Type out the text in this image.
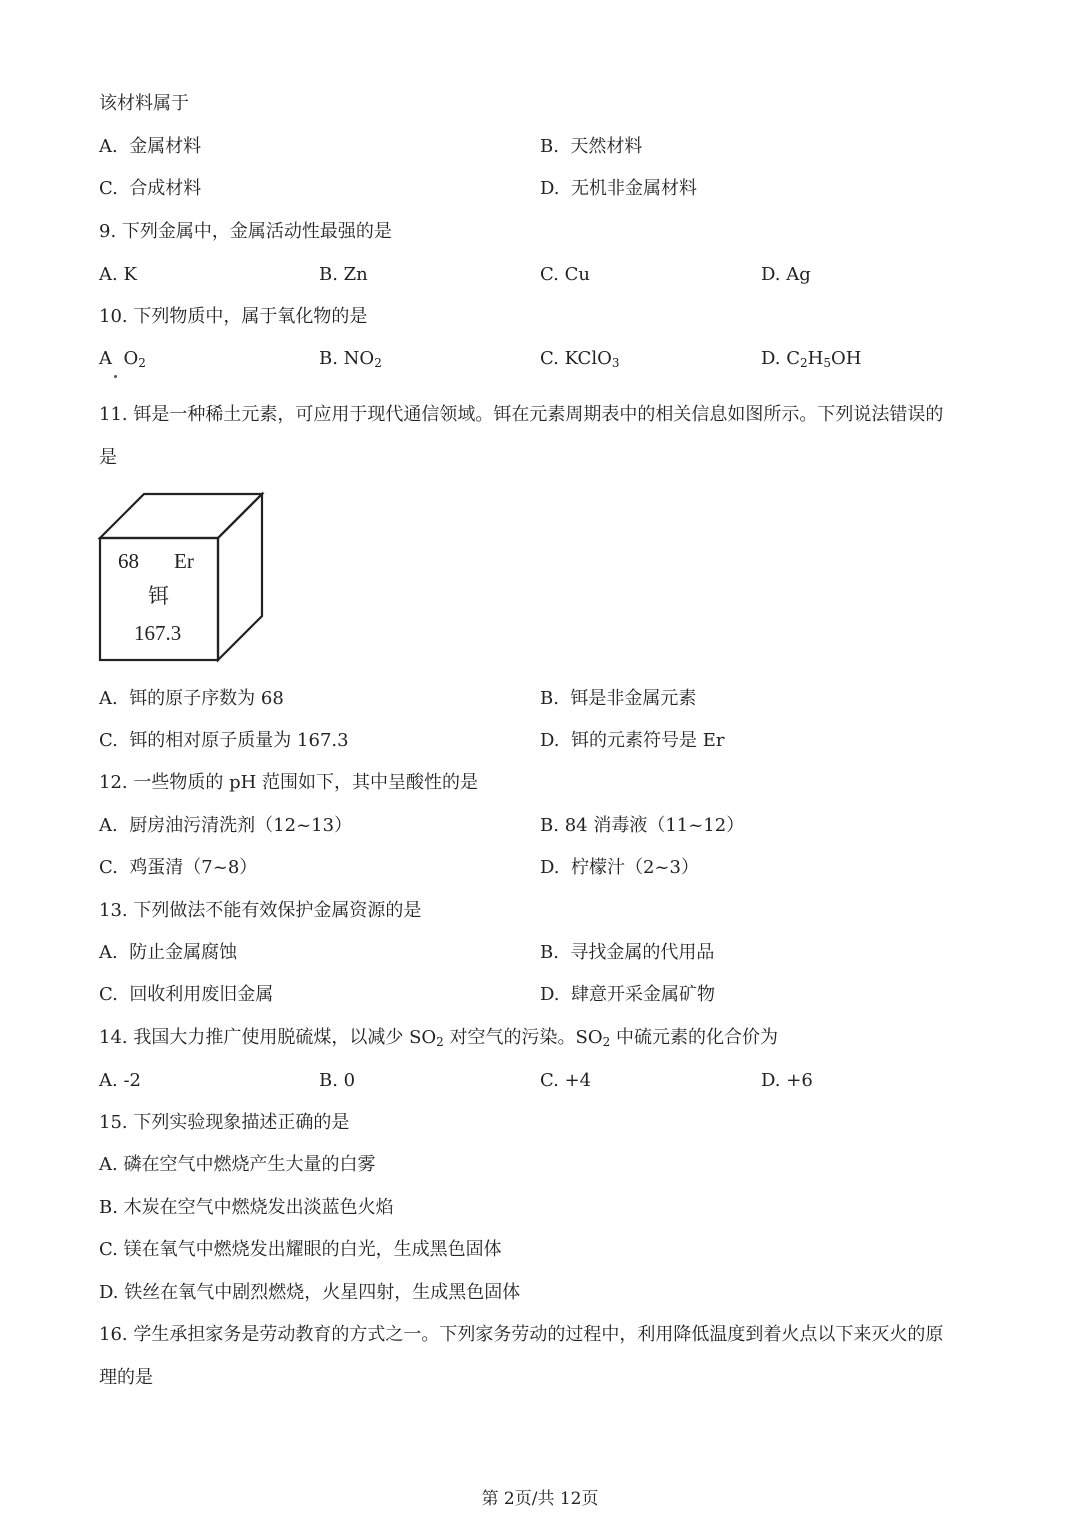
该材料属于
A. 金属材料	B. 天然材料
C. 合成材料	D. 无机非金属材料
9. 下列金属中，金属活动性最强的是
A. K	B. Zn	C. Cu	D. Ag
10. 下列物质中，属于氧化物的是
A $O_2$	B. $NO_2$	C. KClO$_3$	D. $C_2H_5OH$
11. 铒是一种稀土元素，可应用于现代通信领域。铒在元素周期表中的相关信息如图所示。下列说法错误的
是
68 Er
铒
167.3
A. 铒的原子序数为 68	B. 铒是非金属元素
C. 铒的相对原子质量为 167.3	D. 铒的元素符号是 Er
12. 一些物质的 pH 范围如下，其中呈酸性的是
A. 厨房油污清洗剂（12~13）	B. 84 消毒液（11~12）
C. 鸡蛋清（7~8）	D. 柠檬汁（2~3）
13. 下列做法不能有效保护金属资源的是
A. 防止金属腐蚀	B. 寻找金属的代用品
C. 回收利用废旧金属	D. 肆意开采金属矿物
14. 我国大力推广使用脱硫煤，以减少 $SO_2$ 对空气的污染。$SO_2$ 中硫元素的化合价为
A. -2	B. 0	C. +4	D. +6
15. 下列实验现象描述正确的是
A. 磷在空气中燃烧产生大量的白雾
B. 木炭在空气中燃烧发出淡蓝色火焰
C. 镁在氧气中燃烧发出耀眼的白光，生成黑色固体
D. 铁丝在氧气中剧烈燃烧，火星四射，生成黑色固体
16. 学生承担家务是劳动教育的方式之一。下列家务劳动的过程中，利用降低温度到着火点以下来灭火的原
理的是
第 2页/共 12页
